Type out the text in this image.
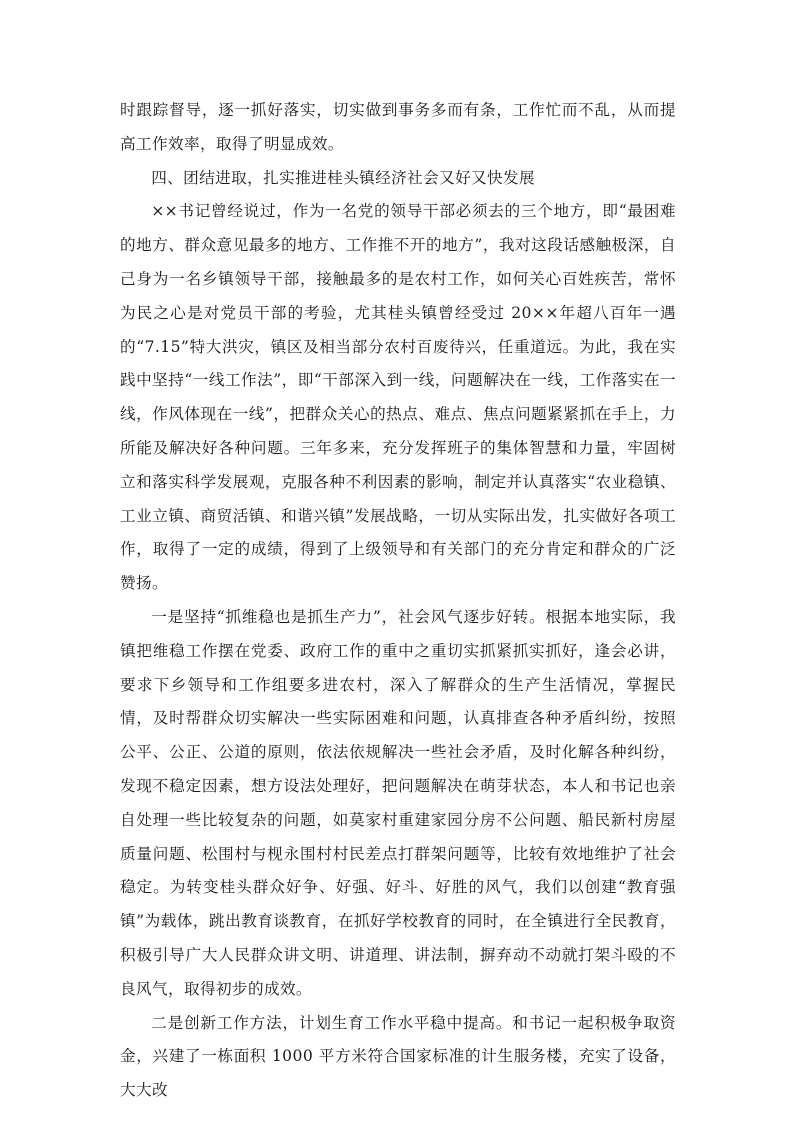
时跟踪督导，逐一抓好落实，切实做到事务多而有条，工作忙而不乱，从而提高工作效率，取得了明显成效。

四、团结进取，扎实推进桂头镇经济社会又好又快发展

××书记曾经说过，作为一名党的领导干部必须去的三个地方，即“最困难的地方、群众意见最多的地方、工作推不开的地方”，我对这段话感触极深，自己身为一名乡镇领导干部，接触最多的是农村工作，如何关心百姓疾苦，常怀为民之心是对党员干部的考验，尤其桂头镇曾经受过 20××年超八百年一遇的“7.15”特大洪灾，镇区及相当部分农村百废待兴，任重道远。为此，我在实践中坚持“一线工作法”，即“干部深入到一线，问题解决在一线，工作落实在一线，作风体现在一线”，把群众关心的热点、难点、焦点问题紧紧抓在手上，力所能及解决好各种问题。三年多来，充分发挥班子的集体智慧和力量，牢固树立和落实科学发展观，克服各种不利因素的影响，制定并认真落实“农业稳镇、工业立镇、商贸活镇、和谐兴镇”发展战略，一切从实际出发，扎实做好各项工作，取得了一定的成绩，得到了上级领导和有关部门的充分肯定和群众的广泛赞扬。

一是坚持“抓维稳也是抓生产力”，社会风气逐步好转。根据本地实际，我镇把维稳工作摆在党委、政府工作的重中之重切实抓紧抓实抓好，逢会必讲，要求下乡领导和工作组要多进农村，深入了解群众的生产生活情况，掌握民情，及时帮群众切实解决一些实际困难和问题，认真排查各种矛盾纠纷，按照公平、公正、公道的原则，依法依规解决一些社会矛盾，及时化解各种纠纷，发现不稳定因素，想方设法处理好，把问题解决在萌芽状态，本人和书记也亲自处理一些比较复杂的问题，如莫家村重建家园分房不公问题、船民新村房屋质量问题、松围村与枧永围村村民差点打群架问题等，比较有效地维护了社会稳定。为转变桂头群众好争、好强、好斗、好胜的风气，我们以创建“教育强镇”为载体，跳出教育谈教育，在抓好学校教育的同时，在全镇进行全民教育，积极引导广大人民群众讲文明、讲道理、讲法制，摒弃动不动就打架斗殴的不良风气，取得初步的成效。

二是创新工作方法，计划生育工作水平稳中提高。和书记一起积极争取资金，兴建了一栋面积 1000 平方米符合国家标准的计生服务楼，充实了设备，大大改
